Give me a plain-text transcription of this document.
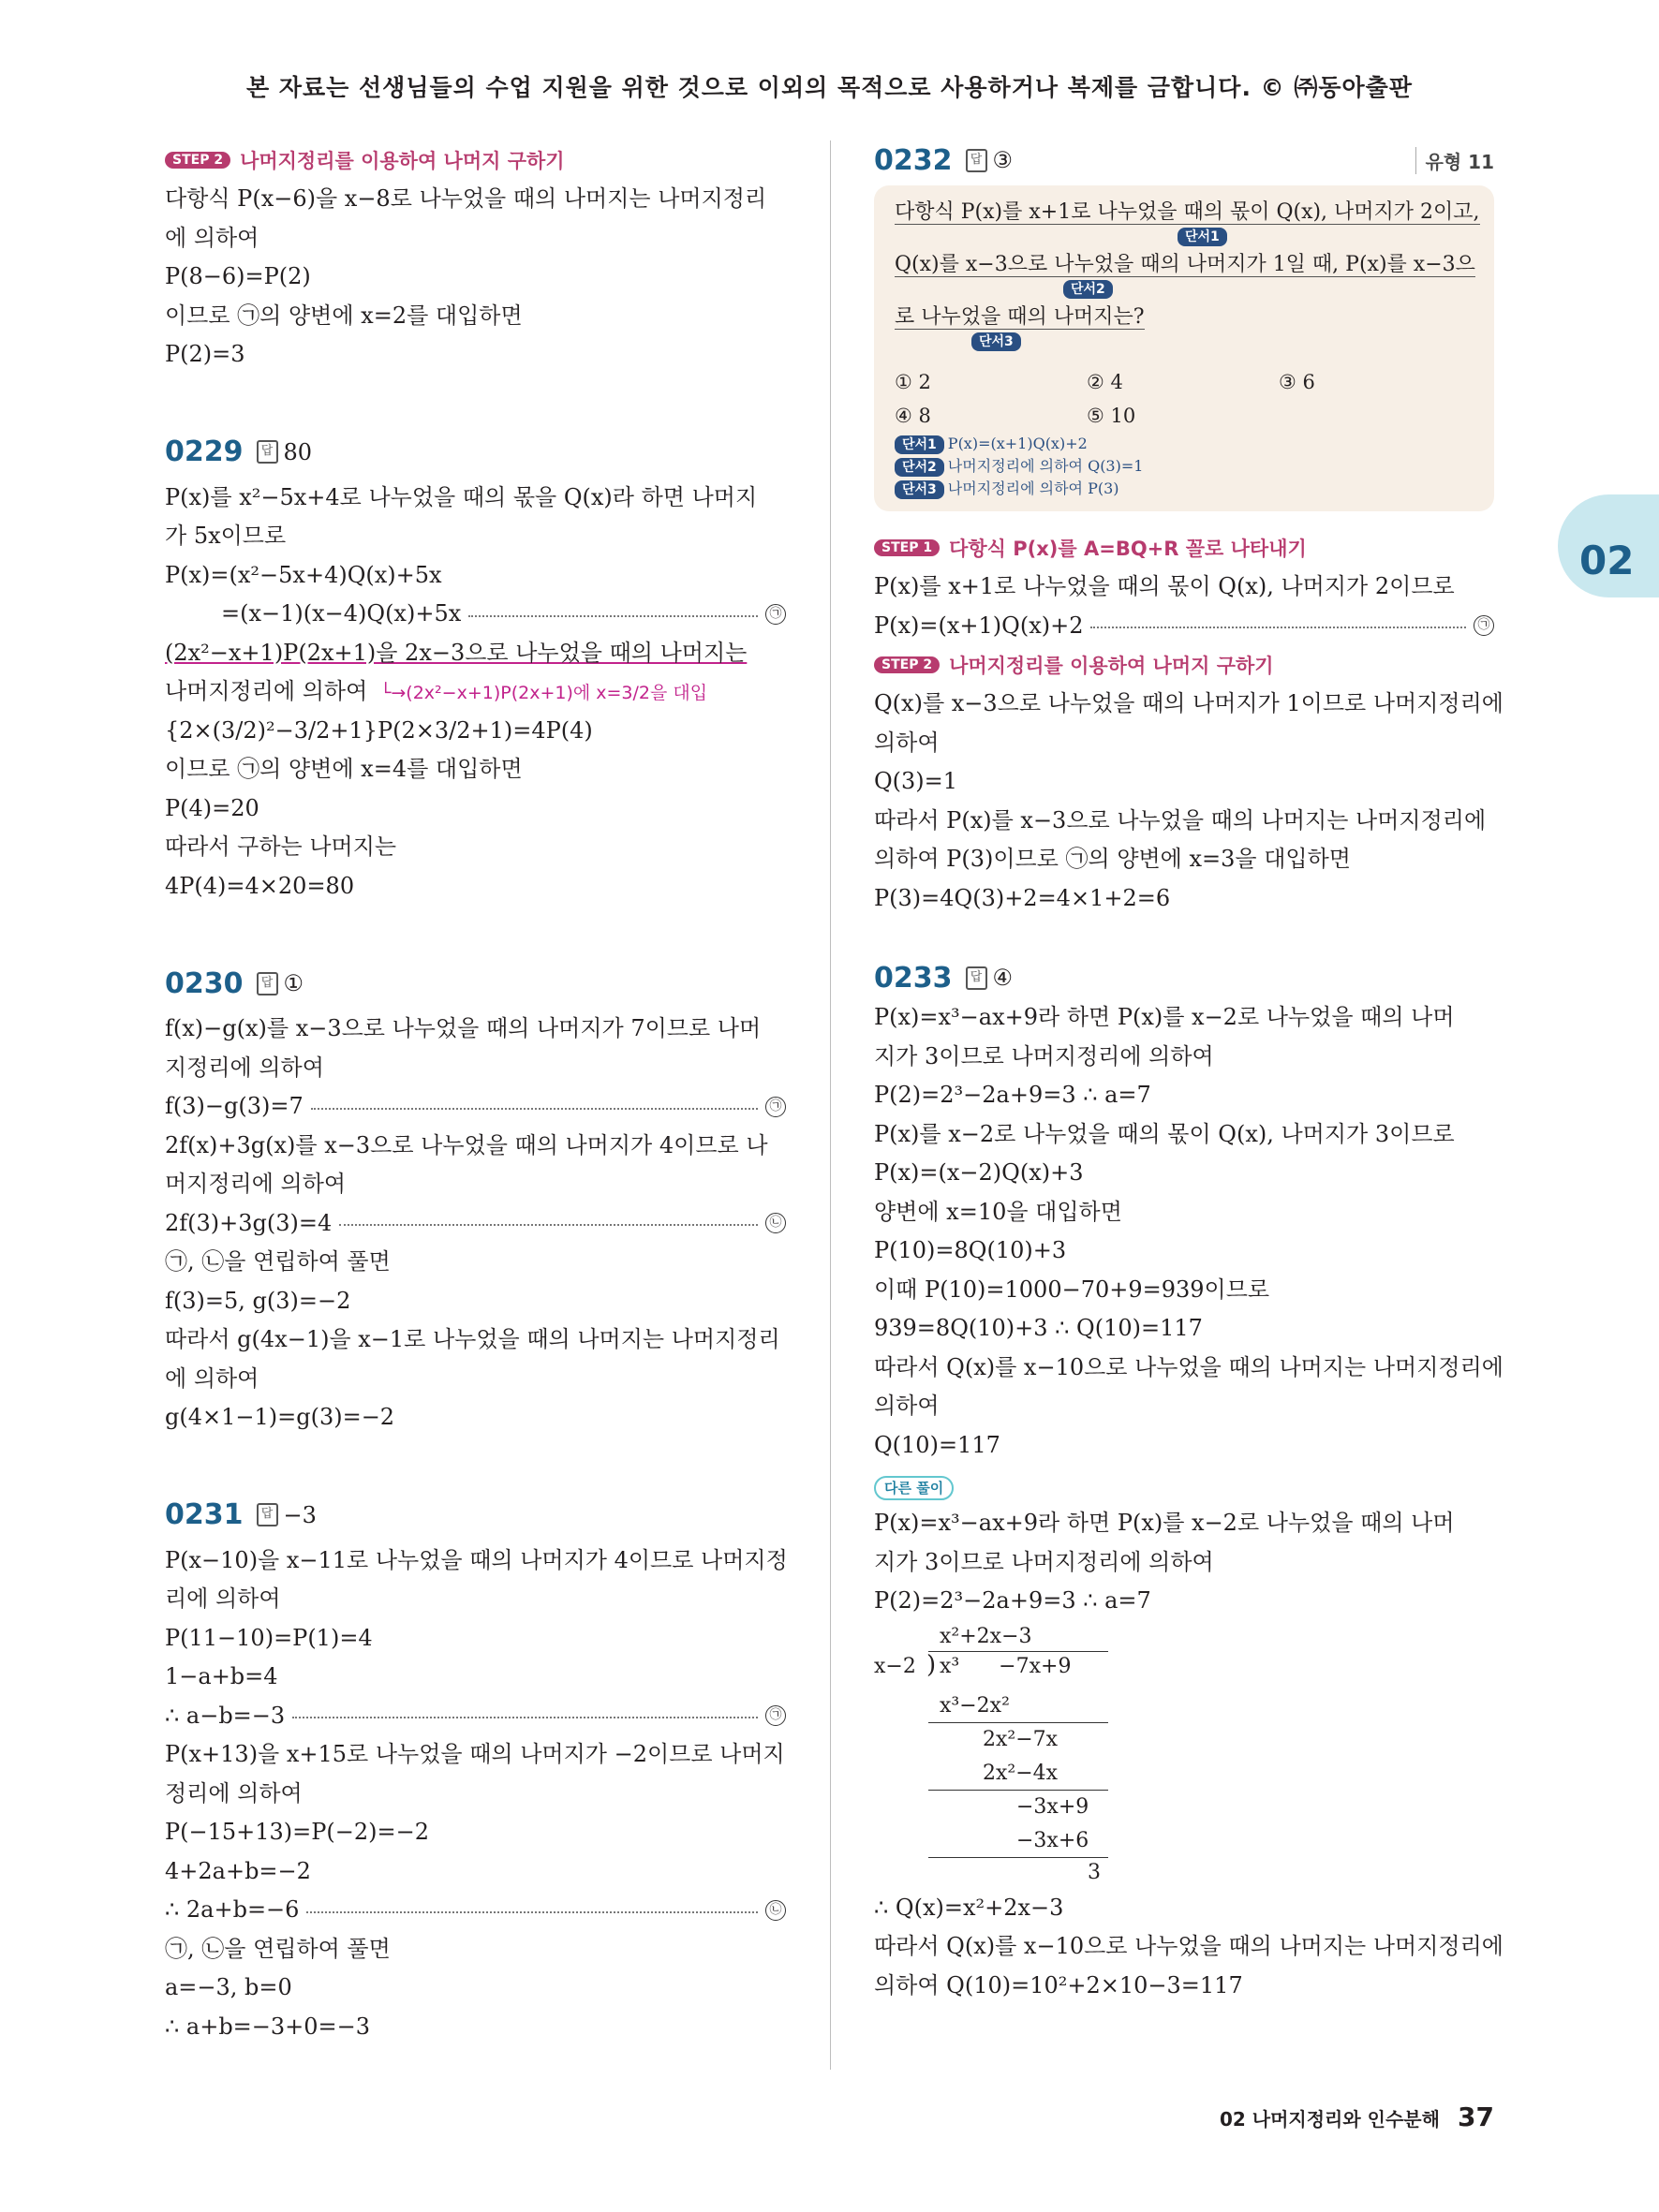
본 자료는 선생님들의 수업 지원을 위한 것으로 이외의 목적으로 사용하거나 복제를 금합니다. © ㈜동아출판
02
STEP 2 나머지정리를 이용하여 나머지 구하기
다항식 P(x−6)을 x−8로 나누었을 때의 나머지는 나머지정리
에 의하여
P(8−6)=P(2)
이므로 ㉠의 양변에 x=2를 대입하면
P(2)=3
0229	답 80
P(x)를 x²−5x+4로 나누었을 때의 몫을 Q(x)라 하면 나머지
가 5x이므로
P(x)=(x²−5x+4)Q(x)+5x
=(x−1)(x−4)Q(x)+5x	㉠
(2x²−x+1)P(2x+1)을 2x−3으로 나누었을 때의 나머지는
나머지정리에 의하여 └→(2x²−x+1)P(2x+1)에 x=3/2을 대입
{2×(3/2)²−3/2+1}P(2×3/2+1)=4P(4)
이므로 ㉠의 양변에 x=4를 대입하면
P(4)=20
따라서 구하는 나머지는
4P(4)=4×20=80
0230	답 ①
f(x)−g(x)를 x−3으로 나누었을 때의 나머지가 7이므로 나머
지정리에 의하여
f(3)−g(3)=7	㉠
2f(x)+3g(x)를 x−3으로 나누었을 때의 나머지가 4이므로 나
머지정리에 의하여
2f(3)+3g(3)=4	㉡
㉠, ㉡을 연립하여 풀면
f(3)=5, g(3)=−2
따라서 g(4x−1)을 x−1로 나누었을 때의 나머지는 나머지정리
에 의하여
g(4×1−1)=g(3)=−2
0231	답 −3
P(x−10)을 x−11로 나누었을 때의 나머지가 4이므로 나머지정
리에 의하여
P(11−10)=P(1)=4
1−a+b=4
∴ a−b=−3	㉠
P(x+13)을 x+15로 나누었을 때의 나머지가 −2이므로 나머지
정리에 의하여
P(−15+13)=P(−2)=−2
4+2a+b=−2
∴ 2a+b=−6	㉡
㉠, ㉡을 연립하여 풀면
a=−3, b=0
∴ a+b=−3+0=−3
0232	답 ③	유형 11
다항식 P(x)를 x+1로 나누었을 때의 몫이 Q(x), 나머지가 2이고,
단서1
Q(x)를 x−3으로 나누었을 때의 나머지가 1일 때, P(x)를 x−3으
단서2
로 나누었을 때의 나머지는?
단서3
① 2	② 4	③ 6
④ 8	⑤ 10
단서1 P(x)=(x+1)Q(x)+2
단서2 나머지정리에 의하여 Q(3)=1
단서3 나머지정리에 의하여 P(3)
STEP 1 다항식 P(x)를 A=BQ+R 꼴로 나타내기
P(x)를 x+1로 나누었을 때의 몫이 Q(x), 나머지가 2이므로
P(x)=(x+1)Q(x)+2	㉠
STEP 2 나머지정리를 이용하여 나머지 구하기
Q(x)를 x−3으로 나누었을 때의 나머지가 1이므로 나머지정리에
의하여
Q(3)=1
따라서 P(x)를 x−3으로 나누었을 때의 나머지는 나머지정리에
의하여 P(3)이므로 ㉠의 양변에 x=3을 대입하면
P(3)=4Q(3)+2=4×1+2=6
0233	답 ④
P(x)=x³−ax+9라 하면 P(x)를 x−2로 나누었을 때의 나머
지가 3이므로 나머지정리에 의하여
P(2)=2³−2a+9=3 ∴ a=7
P(x)를 x−2로 나누었을 때의 몫이 Q(x), 나머지가 3이므로
P(x)=(x−2)Q(x)+3
양변에 x=10을 대입하면
P(10)=8Q(10)+3
이때 P(10)=1000−70+9=939이므로
939=8Q(10)+3 ∴ Q(10)=117
따라서 Q(x)를 x−10으로 나누었을 때의 나머지는 나머지정리에
의하여
Q(10)=117
다른 풀이
P(x)=x³−ax+9라 하면 P(x)를 x−2로 나누었을 때의 나머
지가 3이므로 나머지정리에 의하여
P(2)=2³−2a+9=3 ∴ a=7
x²+2x−3
x−2 ) x³      −7x+9
x³−2x²
2x²−7x
2x²−4x
−3x+9
−3x+6
3
∴ Q(x)=x²+2x−3
따라서 Q(x)를 x−10으로 나누었을 때의 나머지는 나머지정리에
의하여 Q(10)=10²+2×10−3=117
02 나머지정리와 인수분해 37
